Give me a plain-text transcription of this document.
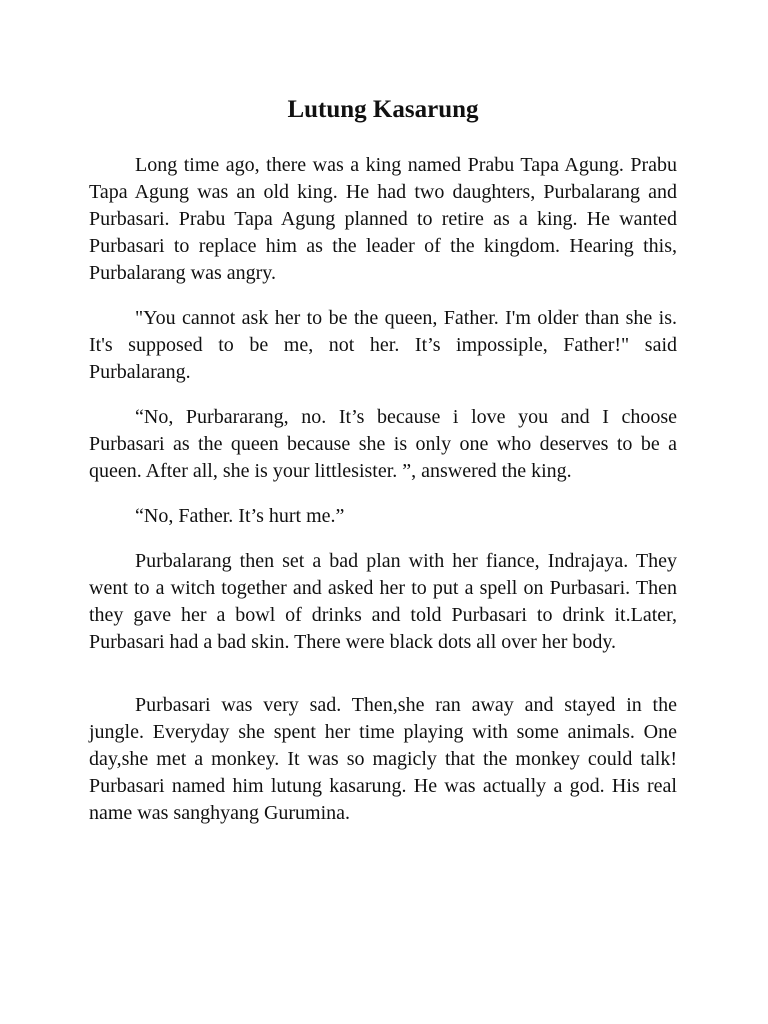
Lutung Kasarung

Long time ago, there was a king named Prabu Tapa Agung. Prabu Tapa Agung was an old king. He had two daughters, Purbalarang and Purbasari. Prabu Tapa Agung planned to retire as a king. He wanted Purbasari to replace him as the leader of the kingdom. Hearing this, Purbalarang was angry.

"You cannot ask her to be the queen, Father. I'm older than she is. It's supposed to be me, not her. It’s impossiple, Father!" said Purbalarang.

“No, Purbararang, no. It’s because i love you and I choose Purbasari as the queen because she is only one who deserves to be a queen. After all, she is your littlesister. ”, answered the king.

“No, Father. It’s hurt me.”

Purbalarang then set a bad plan with her fiance, Indrajaya. They went to a witch together and asked her to put a spell on Purbasari. Then they gave her a bowl of drinks and told Purbasari to drink it.Later, Purbasari had a bad skin. There were black dots all over her body.

Purbasari was very sad. Then,she ran away and stayed in the jungle. Everyday she spent her time playing with some animals. One day,she met a monkey. It was so magicly that the monkey could talk! Purbasari named him lutung kasarung. He was actually a god. His real name was sanghyang Gurumina.
